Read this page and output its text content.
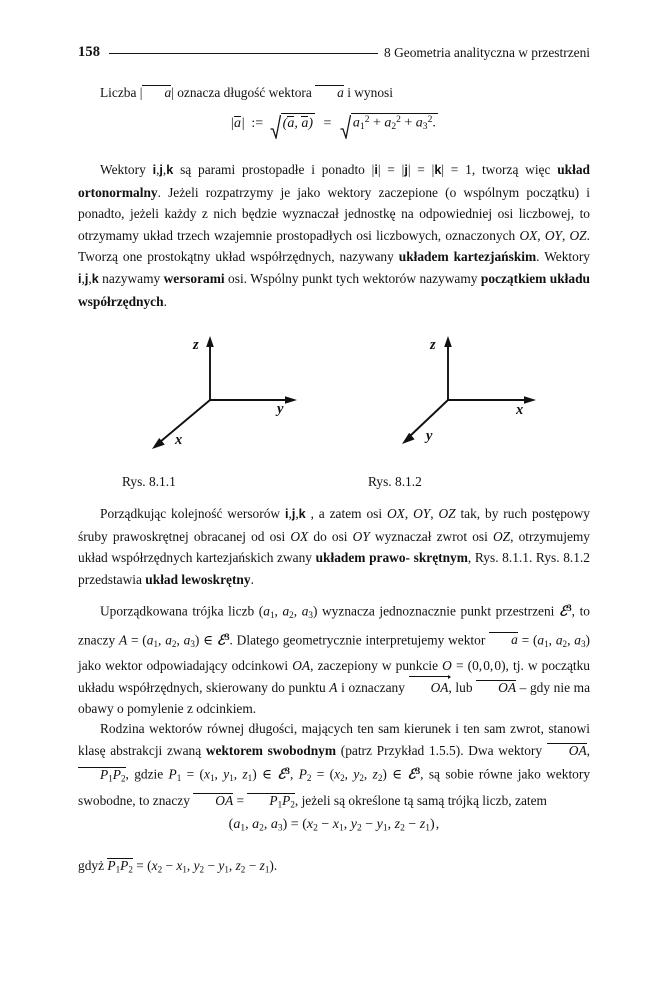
158	8 Geometria analityczna w przestrzeni

Liczba | a| oznacza długość wektora a i wynosi

|a| := (a, $a) = a_1^2 + a_2^2 + a_3^2$.

Wektory i,j,k są parami prostopadłe i ponadto |i| = |j| = |k| = 1, tworzą więc układ ortonormalny. Jeżeli rozpatrzymy je jako wektory zaczepione (o wspólnym początku) i ponadto, jeżeli każdy z nich będzie wyznaczał jednostkę na odpowiedniej osi liczbowej, to otrzymamy układ trzech wzajemnie prostopadłych osi liczbowych, oznaczonych OX, OY, OZ. Tworzą one prostokątny układ współrzędnych, nazywany układem kartezjańskim. Wektory i,j,k nazywamy wersorami osi. Wspólny punkt tych wektorów nazywamy początkiem układu współrzędnych.

z
y
x
z
x
y
Rys. 8.1.1	Rys. 8.1.2

Porządkując kolejność wersorów i,j,k , a zatem osi OX, OY, OZ tak, by ruch postępowy śruby prawoskrętnej obracanej od osi OX do osi OY wyznaczał zwrot osi OZ, otrzymujemy układ współrzędnych kartezjańskich zwany układem prawo- skrętnym, Rys. 8.1.1. Rys. 8.1.2 przedstawia układ lewoskrętny.

Uporządkowana trójka liczb ($a_1$, $a_2$, $a_3$) wyznacza jednoznacznie punkt przestrzeni ℰ$^3$, to znaczy $A = (a_1$, $a_2$, $a_3$) ∈ ℰ$^3$. Dlatego geometrycznie interpretujemy wektor $a = (a_1$, $a_2$, $a_3$) jako wektor odpowiadający odcinkowi OA, zaczepiony w punkcie O = (0, 0, 0), tj. w początku układu współrzędnych, skierowany do punktu A i oznaczany
OA, lub OA – gdy nie ma obawy o pomylenie z odcinkiem.

Rodzina wektorów równej długości, mających ten sam kierunek i ten sam zwrot, stanowi klasę abstrakcji zwaną wektorem swobodnym (patrz Przykład 1.5.5). Dwa wektory OA, $P_1P_2$, gdzie $P_1 = (x_1$, $y_1$, $z_1$) ∈ ℰ$^3$, $P_2 = (x_2$, $y_2$, $z_2$) ∈ ℰ$^3$, są sobie równe jako wektory swobodne, to znaczy OA = $P_1P_2$, jeżeli są określone tą samą trójką liczb, zatem

($a_1$, $a_2$, $a_3) = (x_2 - x_1$, $y_2 - y_1$, $z_2 - z_1$) ,

gdyż $P_1P_2 = (x_2 - x_1$, $y_2 - y_1$, $z_2 - z_1$).
